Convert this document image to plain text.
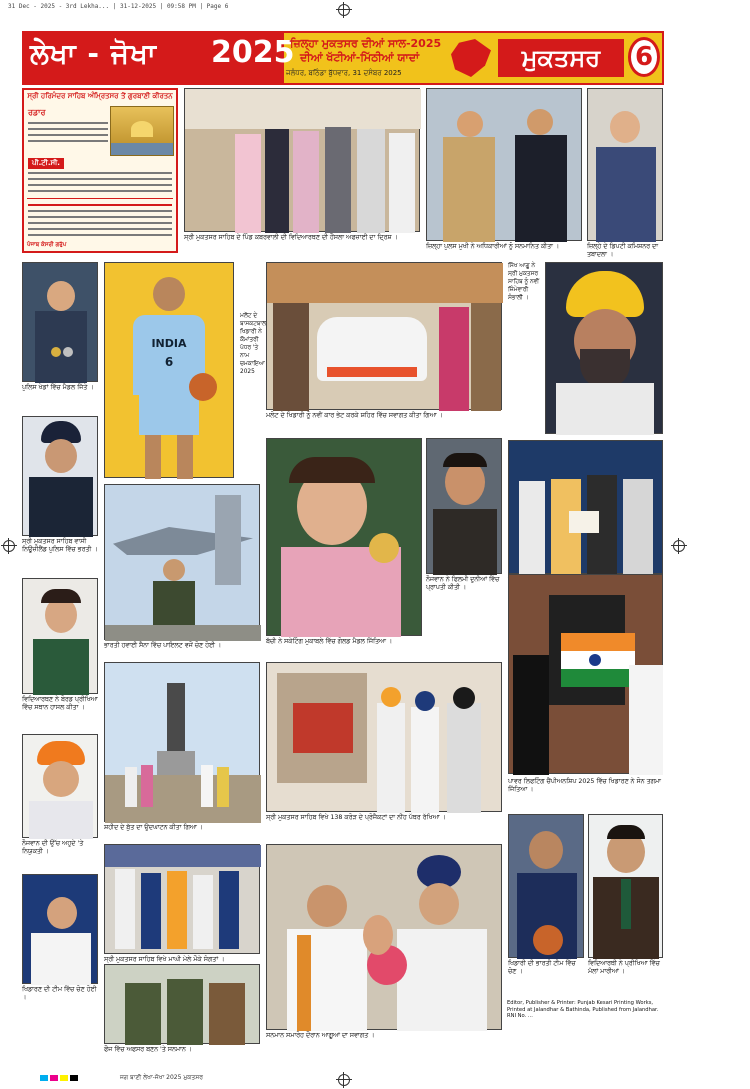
31 Dec - 2025 - 3rd Lekha... | 31-12-2025 | 09:58 PM | Page 6
ਲੇਖਾ - ਜੋਖਾ 2025
ਜ਼ਿਲ੍ਹਾ ਮੁਕਤਸਰ ਦੀਆਂ ਸਾਲ-2025
ਦੀਆਂ ਖੱਟੀਆਂ-ਮਿੱਠੀਆਂ ਯਾਦਾਂ
ਜਲੰਧਰ, ਬਠਿੰਡਾ ਬੁੱਧਵਾਰ, 31 ਦਸੰਬਰ 2025
ਮੁਕਤਸਰ	6
ਸ੍ਰੀ ਹਰਿਮੰਦਰ ਸਾਹਿਬ ਅੰਮ੍ਰਿਤਸਰ ਤੋਂ ਗੁਰਬਾਣੀ ਕੀਰਤਨ
ਰਡਾਰ
ਪੀ.ਟੀ.ਸੀ.
ਪੰਜਾਬ ਕੇਸਰੀ ਗਰੁੱਪ
ਸ੍ਰੀ ਮੁਕਤਸਰ ਸਾਹਿਬ ਦੇ ਪਿੰਡ ਕਬਰਵਾਲੀ ਦੀ ਵਿਦਿਆਰਥਣ ਦੀ ਹੌਂਸਲਾ ਅਫਜ਼ਾਈ ਦਾ ਦ੍ਰਿਸ਼ ।
ਜ਼ਿਲ੍ਹਾ ਪੁਲਸ ਮੁਖੀ ਨੇ ਅਧਿਕਾਰੀਆਂ ਨੂੰ ਸਨਮਾਨਿਤ ਕੀਤਾ ।	ਜ਼ਿਲ੍ਹੇ ਦੇ ਡਿਪਟੀ ਕਮਿਸ਼ਨਰ ਦਾ ਤਬਾਦਲਾ ।
ਪੁਲਿਸ ਖੇਡਾਂ ਵਿੱਚ ਮੈਡਲ ਜਿੱਤੇ ।
ਸ੍ਰੀ ਮੁਕਤਸਰ ਸਾਹਿਬ ਵਾਸੀ ਨਿਊਜ਼ੀਲੈਂਡ ਪੁਲਿਸ ਵਿੱਚ ਭਰਤੀ ।
ਵਿਦਿਆਰਥਣ ਨੇ ਬੋਰਡ ਪ੍ਰੀਖਿਆ ਵਿੱਚ ਸਥਾਨ ਹਾਸਲ ਕੀਤਾ ।
ਨੌਜਵਾਨ ਦੀ ਉੱਚ ਅਹੁਦੇ 'ਤੇ ਨਿਯੁਕਤੀ ।
ਖਿਡਾਰਣ ਦੀ ਟੀਮ ਵਿੱਚ ਚੋਣ ਹੋਈ ।
INDIA
6
ਮਲੋਟ ਦੇ ਬਾਸਕਟਬਾਲ ਖਿਡਾਰੀ ਨੇ ਕੌਮਾਂਤਰੀ ਪੱਧਰ 'ਤੇ ਨਾਮ ਚਮਕਾਇਆ 2025
ਭਾਰਤੀ ਹਵਾਈ ਸੈਨਾ ਵਿੱਚ ਪਾਇਲਟ ਵਜੋਂ ਚੋਣ ਹੋਈ ।
ਸ਼ਹੀਦ ਦੇ ਬੁੱਤ ਦਾ ਉਦਘਾਟਨ ਕੀਤਾ ਗਿਆ ।
ਸ੍ਰੀ ਮੁਕਤਸਰ ਸਾਹਿਬ ਵਿਖੇ ਮਾਘੀ ਮੇਲੇ ਮੌਕੇ ਸੰਗਤਾਂ ।
ਫੌਜ ਵਿੱਚ ਅਫਸਰ ਬਣਨ 'ਤੇ ਸਨਮਾਨ ।
ਮਲੋਟ ਦੇ ਖਿਡਾਰੀ ਨੂੰ ਨਵੀਂ ਕਾਰ ਭੇਟ ਕਰਕੇ ਸ਼ਹਿਰ ਵਿੱਚ ਸਵਾਗਤ ਕੀਤਾ ਗਿਆ ।
ਬੱਚੀ ਨੇ ਸਕੇਟਿੰਗ ਮੁਕਾਬਲੇ ਵਿੱਚ ਗੋਲਡ ਮੈਡਲ ਜਿੱਤਿਆ ।
ਨੌਜਵਾਨ ਨੇ ਫਿਲਮੀ ਦੁਨੀਆਂ ਵਿੱਚ ਪ੍ਰਾਪਤੀ ਕੀਤੀ ।
ਸ੍ਰੀ ਮੁਕਤਸਰ ਸਾਹਿਬ ਵਿਖੇ 138 ਕਰੋੜ ਦੇ ਪ੍ਰੋਜੈਕਟਾਂ ਦਾ ਨੀਂਹ ਪੱਥਰ ਰੱਖਿਆ ।
ਸਨਮਾਨ ਸਮਾਰੋਹ ਦੌਰਾਨ ਆਗੂਆਂ ਦਾ ਸਵਾਗਤ ।
ਸਿੱਖ ਆਗੂ ਨੇ ਸ੍ਰੀ ਮੁਕਤਸਰ ਸਾਹਿਬ ਨੂੰ ਨਵੀਂ ਜ਼ਿੰਮੇਵਾਰੀ ਸੰਭਾਲੀ ।
ਪਾਵਰ ਲਿਫਟਿੰਗ ਚੈਂਪੀਅਨਸ਼ਿਪ 2025 ਵਿੱਚ ਖਿਡਾਰਣ ਨੇ ਸੋਨ ਤਗਮਾ ਜਿੱਤਿਆ ।
ਖਿਡਾਰੀ ਦੀ ਭਾਰਤੀ ਟੀਮ ਵਿੱਚ ਚੋਣ ।
ਵਿਦਿਆਰਥੀ ਨੇ ਪ੍ਰੀਖਿਆ ਵਿੱਚ ਮੱਲਾਂ ਮਾਰੀਆਂ ।
Editor, Publisher & Printer: Punjab Kesari Printing Works, Printed at Jalandhar & Bathinda, Published from Jalandhar. RNI No. ...
ਜਗ ਬਾਣੀ ਲੇਖਾ-ਜੋਖਾ 2025 ਮੁਕਤਸਰ
